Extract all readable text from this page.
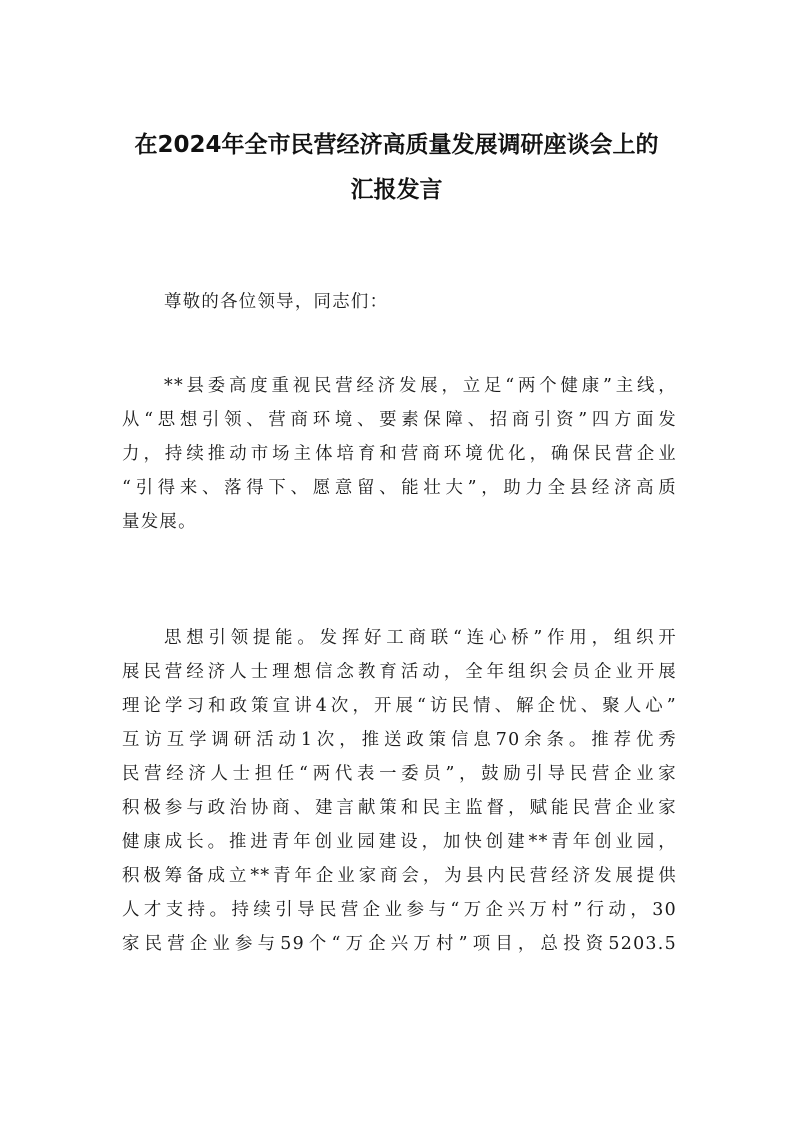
在2024年全市民营经济高质量发展调研座谈会上的
汇报发言

尊敬的各位领导，同志们：

**县委高度重视民营经济发展，立足“两个健康”主线，
从“思想引领、营商环境、要素保障、招商引资”四方面发
力，持续推动市场主体培育和营商环境优化，确保民营企业
“引得来、落得下、愿意留、能壮大”，助力全县经济高质
量发展。

思想引领提能。发挥好工商联“连心桥”作用，组织开
展民营经济人士理想信念教育活动，全年组织会员企业开展
理论学习和政策宣讲4次，开展“访民情、解企忧、聚人心”
互访互学调研活动1次，推送政策信息70余条。推荐优秀
民营经济人士担任“两代表一委员”，鼓励引导民营企业家
积极参与政治协商、建言献策和民主监督，赋能民营企业家
健康成长。推进青年创业园建设，加快创建**青年创业园，
积极筹备成立**青年企业家商会，为县内民营经济发展提供
人才支持。持续引导民营企业参与“万企兴万村”行动，30
家民营企业参与59个“万企兴万村”项目，总投资5203.5
